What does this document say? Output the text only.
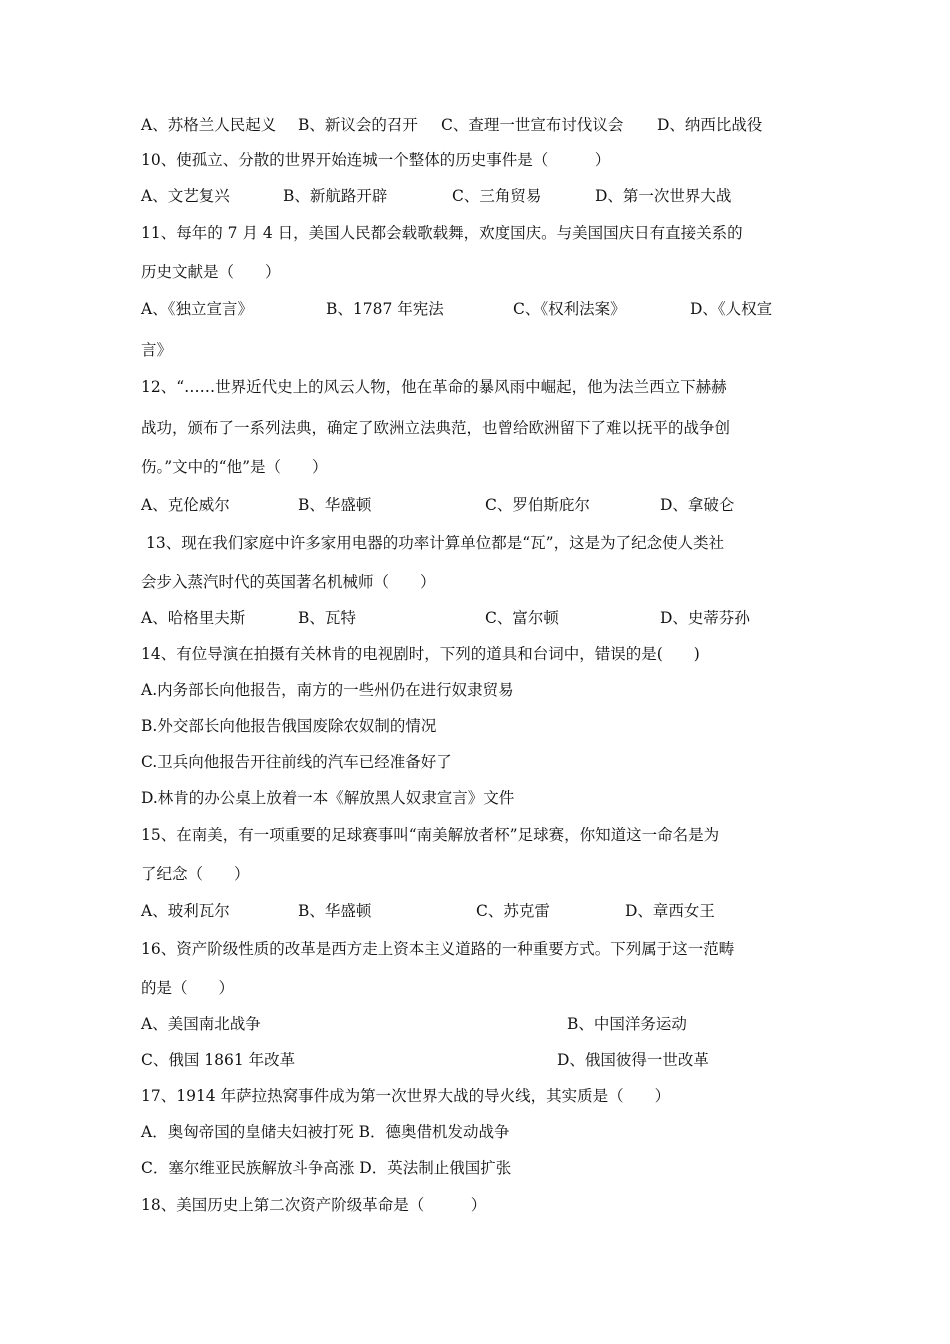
A、苏格兰人民起义 B、新议会的召开 C、查理一世宣布讨伐议会 D、纳西比战役
10、使孤立、分散的世界开始连城一个整体的历史事件是（　　　）
A、文艺复兴	B、新航路开辟	C、三角贸易	D、第一次世界大战
11、每年的 7 月 4 日，美国人民都会载歌载舞，欢度国庆。与美国国庆日有直接关系的
历史文献是（　　）
A、《独立宣言》	B、1787 年宪法	C、《权利法案》	D、《人权宣
言》
12、“……世界近代史上的风云人物，他在革命的暴风雨中崛起，他为法兰西立下赫赫
战功，颁布了一系列法典，确定了欧洲立法典范，也曾给欧洲留下了难以抚平的战争创
伤。”文中的“他”是（　　）
A、克伦威尔	B、华盛顿	C、罗伯斯庇尔	D、拿破仑
13、现在我们家庭中许多家用电器的功率计算单位都是“瓦”，这是为了纪念使人类社
会步入蒸汽时代的英国著名机械师（　　）
A、哈格里夫斯	B、瓦特	C、富尔顿	D、史蒂芬孙
14、有位导演在拍摄有关林肯的电视剧时，下列的道具和台词中，错误的是(　　)
A.内务部长向他报告，南方的一些州仍在进行奴隶贸易
B.外交部长向他报告俄国废除农奴制的情况
C.卫兵向他报告开往前线的汽车已经准备好了
D.林肯的办公桌上放着一本《解放黑人奴隶宣言》文件
15、在南美，有一项重要的足球赛事叫“南美解放者杯”足球赛，你知道这一命名是为
了纪念（　　）
A、玻利瓦尔	B、华盛顿	C、苏克雷	D、章西女王
16、资产阶级性质的改革是西方走上资本主义道路的一种重要方式。下列属于这一范畴
的是（　　）
A、美国南北战争	B、中国洋务运动
C、俄国 1861 年改革	D、俄国彼得一世改革
17、1914 年萨拉热窝事件成为第一次世界大战的导火线，其实质是（　　）
A．奥匈帝国的皇储夫妇被打死 B．德奥借机发动战争
C．塞尔维亚民族解放斗争高涨 D．英法制止俄国扩张
18、美国历史上第二次资产阶级革命是（　　　）
